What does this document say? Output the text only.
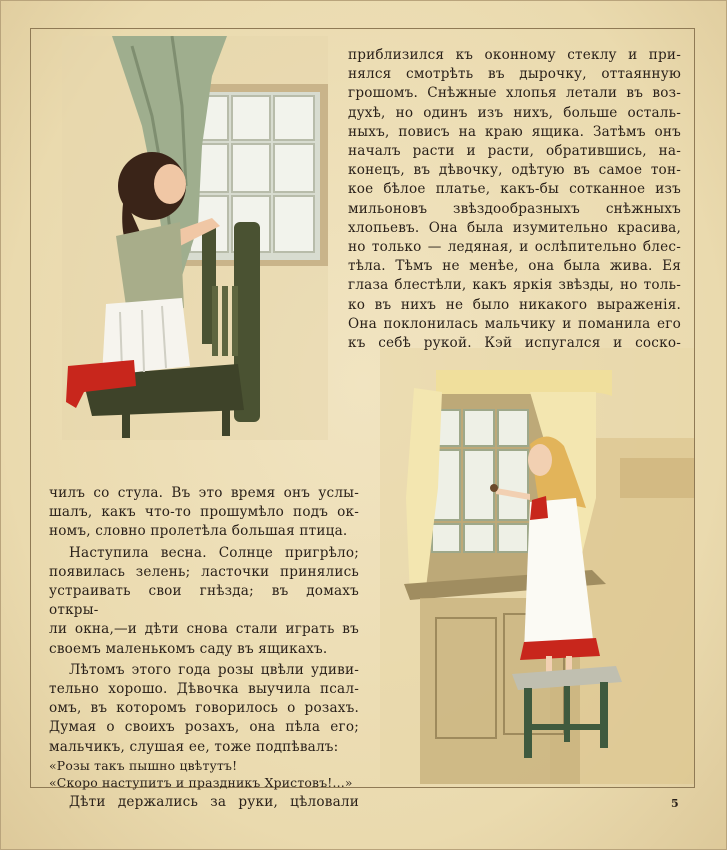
приблизился къ оконному стеклу и при-

нялся смотрѣть въ дырочку, оттаянную

грошомъ. Снѣжные хлопья летали въ воз-

духѣ, но одинъ изъ нихъ, больше осталь-

ныхъ, повисъ на краю ящика. Затѣмъ онъ

началъ расти и расти, обратившись, на-

конецъ, въ дѣвочку, одѣтую въ самое тон-

кое бѣлое платье, какъ-бы сотканное изъ

мильоновъ звѣздообразныхъ снѣжныхъ

хлопьевъ. Она была изумительно красива,

но только — ледяная, и ослѣпительно блес-

тѣла. Тѣмъ не менѣе, она была жива. Ея

глаза блестѣли, какъ яркія звѣзды, но толь-

ко въ нихъ не было никакого выраженія.

Она поклонилась мальчику и поманила его

къ себѣ рукой. Кэй испугался и соско-

чилъ со стула. Въ это время онъ услы-

шалъ, какъ что-то прошумѣло подъ ок-

номъ, словно пролетѣла большая птица.

Наступила весна. Солнце пригрѣло;

появилась зелень; ласточки принялись

устраивать свои гнѣзда; въ домахъ откры-

ли окна,—и дѣти снова стали играть въ

своемъ маленькомъ саду въ ящикахъ.

Лѣтомъ этого года розы цвѣли удиви-

тельно хорошо. Дѣвочка выучила псал-

омъ, въ которомъ говорилось о розахъ.

Думая о своихъ розахъ, она пѣла его;

мальчикъ, слушая ее, тоже подпѣвалъ:

«Розы такъ пышно цвѣтутъ!

«Скоро наступитъ и праздникъ Христовъ!...»

Дѣти держались за руки, цѣловали	5
